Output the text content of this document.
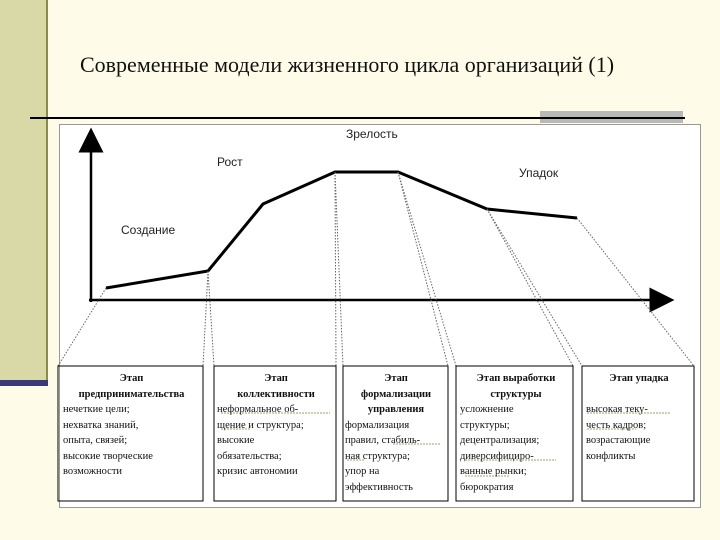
Современные модели жизненного цикла организаций (1)
Зрелость
Рост
Упадок
Создание
Этап
предпринимательства
нечеткие цели;
нехватка знаний,
опыта, связей;
высокие творческие
возможности
Этап
коллективности
неформальное об-
щение и структура;
высокие
обязательства;
кризис автономии
Этап
формализации
управления
формализация
правил, стабиль-
ная структура;
упор на
эффективность
Этап выработки
структуры
усложнение
структуры;
децентрализация;
диверсифициро-
ванные рынки;
бюрократия
Этап упадка
высокая теку-
честь кадров;
возрастающие
конфликты
